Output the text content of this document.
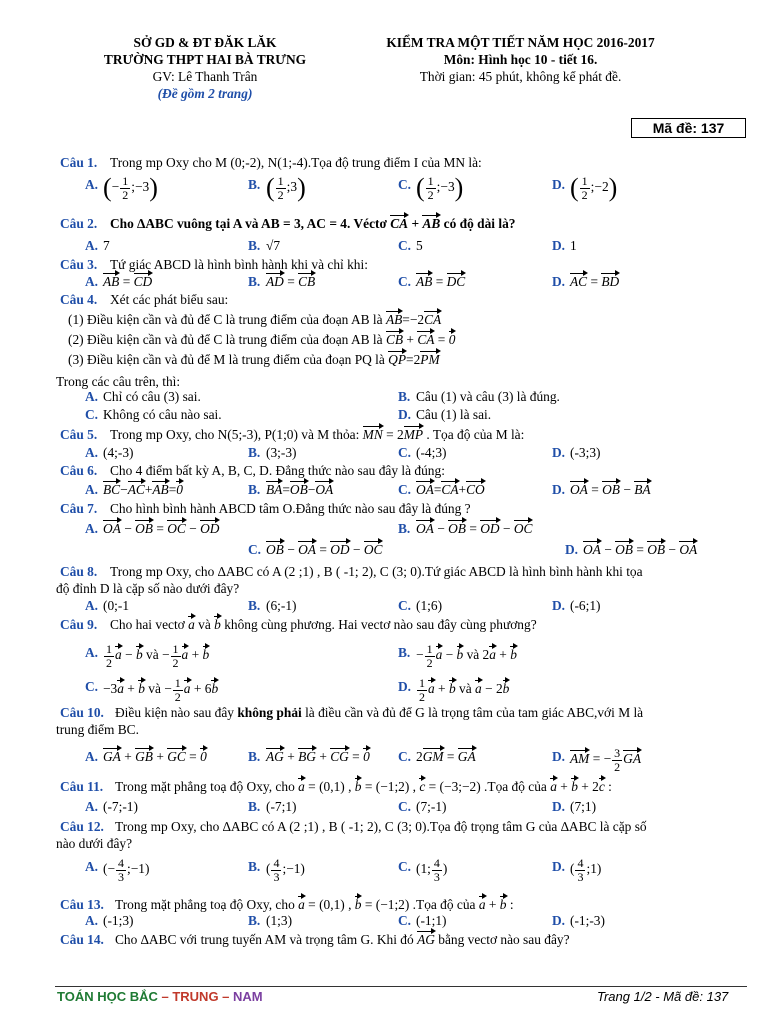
SỞ GD & ĐT ĐĂK LĂK
TRƯỜNG THPT HAI BÀ TRƯNG
GV: Lê Thanh Trân
(Đề gồm 2 trang)
KIỂM TRA MỘT TIẾT NĂM HỌC 2016-2017
Môn: Hình học 10 - tiết 16.
Thời gian: 45 phút, không kể phát đề.
Mã đề: 137
Câu 1. Trong mp Oxy cho M (0;-2), N(1;-4).Tọa độ trung điểm I của MN là:
A. (− $\frac{1}{2}$ ;−3)	B. ( $\frac{1}{2}$ ;3)	C. ( $\frac{1}{2}$ ;−3)	D. ( $\frac{1}{2}$ ;−2)
Câu 2. Cho ∆ABC vuông tại A và AB = 3, AC = 4. Véctơ CA + AB có độ dài là?
A. 7	B. √7	C. 5	D. 1
Câu 3. Tứ giác ABCD là hình bình hành khi và chỉ khi:
A. AB = CD	B. AD = CB	C. AB = DC	D. AC = BD
Câu 4. Xét các phát biểu sau:
(1) Điều kiện cần và đủ để C là trung điểm của đoạn AB là AB=−2CA
(2) Điều kiện cần và đủ để C là trung điểm của đoạn AB là CB + CA = 0
(3) Điều kiện cần và đủ để M là trung điểm của đoạn PQ là QP=2PM
Trong các câu trên, thì:
A. Chỉ có câu (3) sai.	B. Câu (1) và câu (3) là đúng.
C. Không có câu nào sai.	D. Câu (1) là sai.
Câu 5. Trong mp Oxy, cho N(5;-3), P(1;0) và M thỏa: MN = 2MP . Tọa độ của M là:
A. (4;-3)	B. (3;-3)	C. (-4;3)	D. (-3;3)
Câu 6. Cho 4 điểm bất kỳ A, B, C, D. Đẳng thức nào sau đây là đúng:
A. BC−AC+AB=0	B. BA=OB−OA	C. OA=CA+CO	D. OA = OB − BA
Câu 7. Cho hình bình hành ABCD tâm O.Đẳng thức nào sau đây là đúng ?
A. OA − OB = OC − OD	B. OA − OB = OD − OC
C. OB − OA = OD − OC	D. OA − OB = OB − OA
Câu 8. Trong mp Oxy, cho ∆ABC có A (2 ;1) , B ( -1; 2), C (3; 0).Tứ giác ABCD là hình bình hành khi tọa
độ đỉnh D là cặp số nào dưới đây?
A. (0;-1	B. (6;-1)	C. (1;6)	D. (-6;1)
Câu 9. Cho hai vectơ a và b không cùng phương. Hai vectơ nào sau đây cùng phương?
A. $\frac{1}{2}$ a − b và − $\frac{1}{2}$ a + b	B. − $\frac{1}{2}$ a − b và 2a + b
C. −3a + b và − $\frac{1}{2}$ a + 6b	D. $\frac{1}{2}$ a + b và a − 2b
Câu 10. Điều kiện nào sau đây không phải là điều cần và đủ để G là trọng tâm của tam giác ABC,với M là
trung điểm BC.
A. GA + GB + GC = 0	B. AG + BG + CG = 0 C. 2GM = GA	D. AM = − $\frac{3}{2}$ GA
Câu 11. Trong mặt phẳng toạ độ Oxy, cho a = (0,1) , b = (−1;2) , c = (−3;−2) .Tọa độ của a + b + 2c :
A. (-7;-1)	B. (-7;1)	C. (7;-1)	D. (7;1)
Câu 12. Trong mp Oxy, cho ∆ABC có A (2 ;1) , B ( -1; 2), C (3; 0).Tọa độ trọng tâm G của ∆ABC là cặp số
nào dưới đây?
A. (− $\frac{4}{3}$ ;−1)	B. ( $\frac{4}{3}$ ;−1)	C. (1; $\frac{4}{3}$ )	D. ( $\frac{4}{3}$ ;1)
Câu 13. Trong mặt phẳng toạ độ Oxy, cho a = (0,1) , b = (−1;2) .Tọa độ của a + b :
A. (-1;3)	B. (1;3)	C. (-1;1)	D. (-1;-3)
Câu 14. Cho ∆ABC với trung tuyến AM và trọng tâm G. Khi đó AG bằng vectơ nào sau đây?
TOÁN HỌC BẮC – TRUNG – NAM	Trang 1/2 - Mã đề: 137
